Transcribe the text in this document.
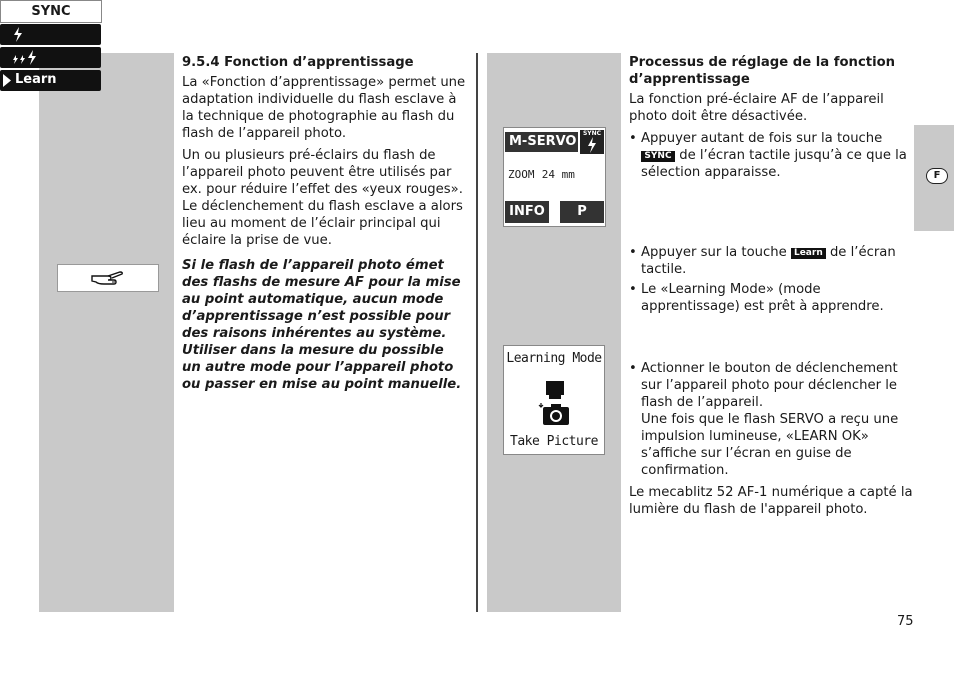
9.5.4 Fonction d’apprentissage

La «Fonction d’apprentissage» permet une adaptation individuelle du flash esclave à la technique de photographie au flash du flash de l’appareil photo.

Un ou plusieurs pré-éclairs du flash de l’appareil photo peuvent être utilisés par ex. pour réduire l’effet des «yeux rouges». Le déclenchement du flash esclave a alors lieu au moment de l’éclair principal qui éclaire la prise de vue.

Si le flash de l’appareil photo émet des flashs de mesure AF pour la mise au point automatique, aucun mode d’apprentissage n’est possible pour des raisons inhérentes au système. Utiliser dans la mesure du possible un autre mode pour l’appareil photo ou passer en mise au point manuelle.

M-SERVO
SYNC
ZOOM 24 mm
INFO	P
SYNC
Learn
Learning Mode
Take Picture
Processus de réglage de la fonction d’apprentissage

La fonction pré-éclaire AF de l’appareil photo doit être désactivée.

• Appuyer autant de fois sur la touche SYNC de l’écran tactile jusqu’à ce que la sélection apparaisse.
• Appuyer sur la touche Learn de l’écran tactile.
• Le «Learning Mode» (mode apprentissage) est prêt à apprendre.
• Actionner le bouton de déclenchement sur l’appareil photo pour déclencher le flash de l’appareil.
Une fois que le flash SERVO a reçu une impulsion lumineuse, «LEARN OK» s’affiche sur l’écran en guise de confirmation.

Le mecablitz 52 AF-1 numérique a capté la lumière du flash de l'appareil photo.

F
75
